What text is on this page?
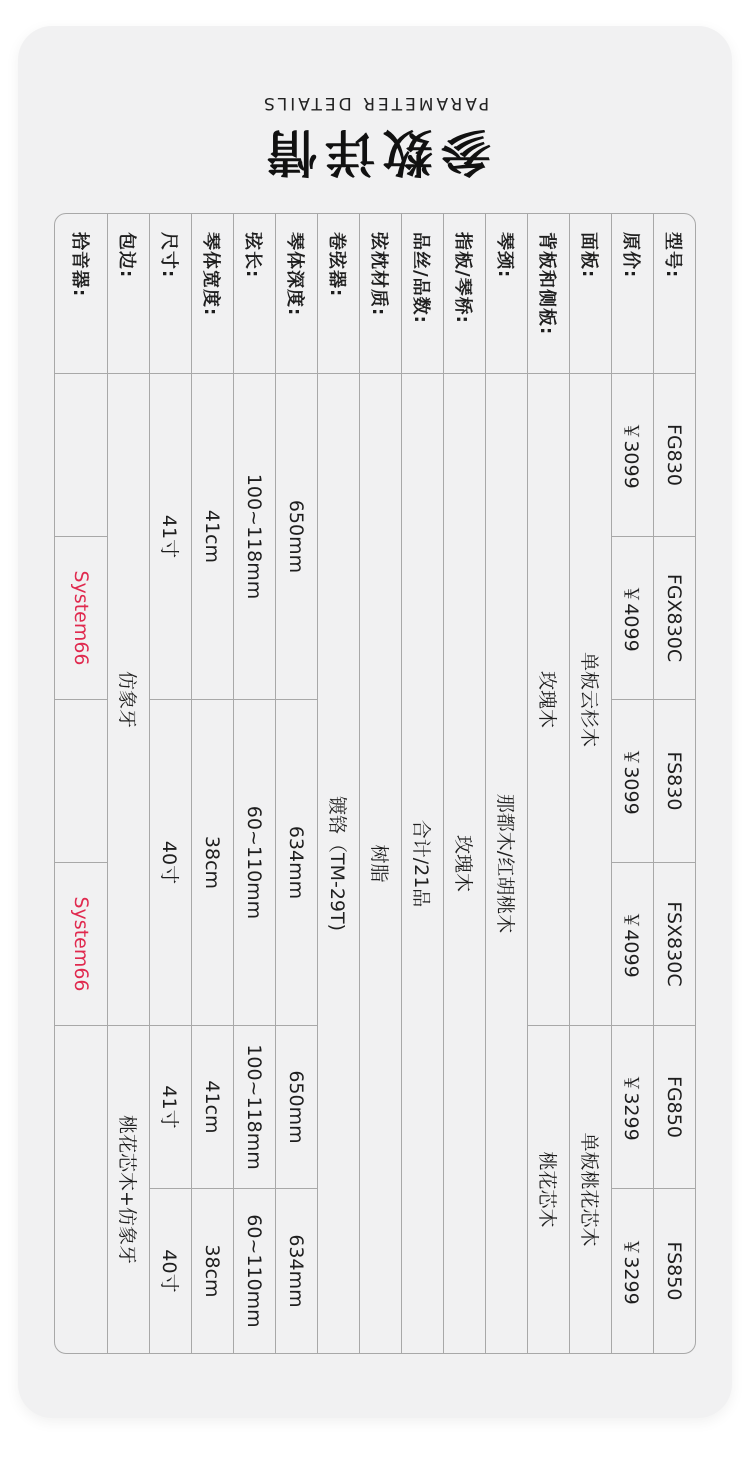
参数详情
PARAMETER DETAILS
型号:	FG830	FGX830C	FS830	FSX830C	FG850	FS850
原价:	￥3099	￥4099	￥3099	￥4099	￥3299	￥3299
面板:	单板云杉木				单板桃花芯木	
背板和侧板:	玫瑰木				桃花芯木	
琴颈:	那都木/红胡桃木					
指板/琴桥:	玫瑰木					
品丝/品数:	合计/21品					
弦枕材质:	树脂					
卷弦器:	镀铬（TM-29T)					
琴体深度:	650mm		634mm		650mm	634mm
弦长:	100~118mm		60~110mm		100~118mm	60~110mm
琴体宽度:	41cm		38cm		41cm	38cm
尺寸:	41寸		40寸		41寸	40寸
包边:	仿象牙				桃花芯木+仿象牙	
拾音器:		System66		System66		
